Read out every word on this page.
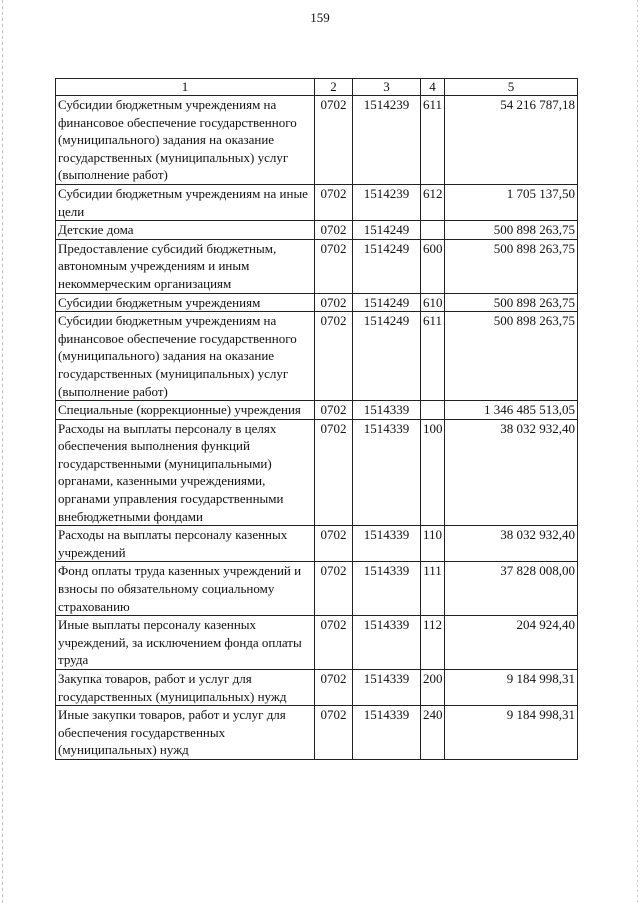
159
1	2	3	4	5
Субсидии бюджетным учреждениям на финансовое обеспечение государственного (муниципального) задания на оказание государственных (муниципальных) услуг (выполнение работ)	0702	1514239	611	54 216 787,18
Субсидии бюджетным учреждениям на иные цели	0702	1514239	612	1 705 137,50
Детские дома	0702	1514249		500 898 263,75
Предоставление субсидий бюджетным, автономным учреждениям и иным некоммерческим организациям	0702	1514249	600	500 898 263,75
Субсидии бюджетным учреждениям	0702	1514249	610	500 898 263,75
Субсидии бюджетным учреждениям на финансовое обеспечение государственного (муниципального) задания на оказание государственных (муниципальных) услуг (выполнение работ)	0702	1514249	611	500 898 263,75
Специальные (коррекционные) учреждения	0702	1514339		1 346 485 513,05
Расходы на выплаты персоналу в целях обеспечения выполнения функций государственными (муниципальными) органами, казенными учреждениями, органами управления государственными внебюджетными фондами	0702	1514339	100	38 032 932,40
Расходы на выплаты персоналу казенных учреждений	0702	1514339	110	38 032 932,40
Фонд оплаты труда казенных учреждений и взносы по обязательному социальному страхованию	0702	1514339	111	37 828 008,00
Иные выплаты персоналу казенных учреждений, за исключением фонда оплаты труда	0702	1514339	112	204 924,40
Закупка товаров, работ и услуг для государственных (муниципальных) нужд	0702	1514339	200	9 184 998,31
Иные закупки товаров, работ и услуг для обеспечения государственных (муниципальных) нужд	0702	1514339	240	9 184 998,31
